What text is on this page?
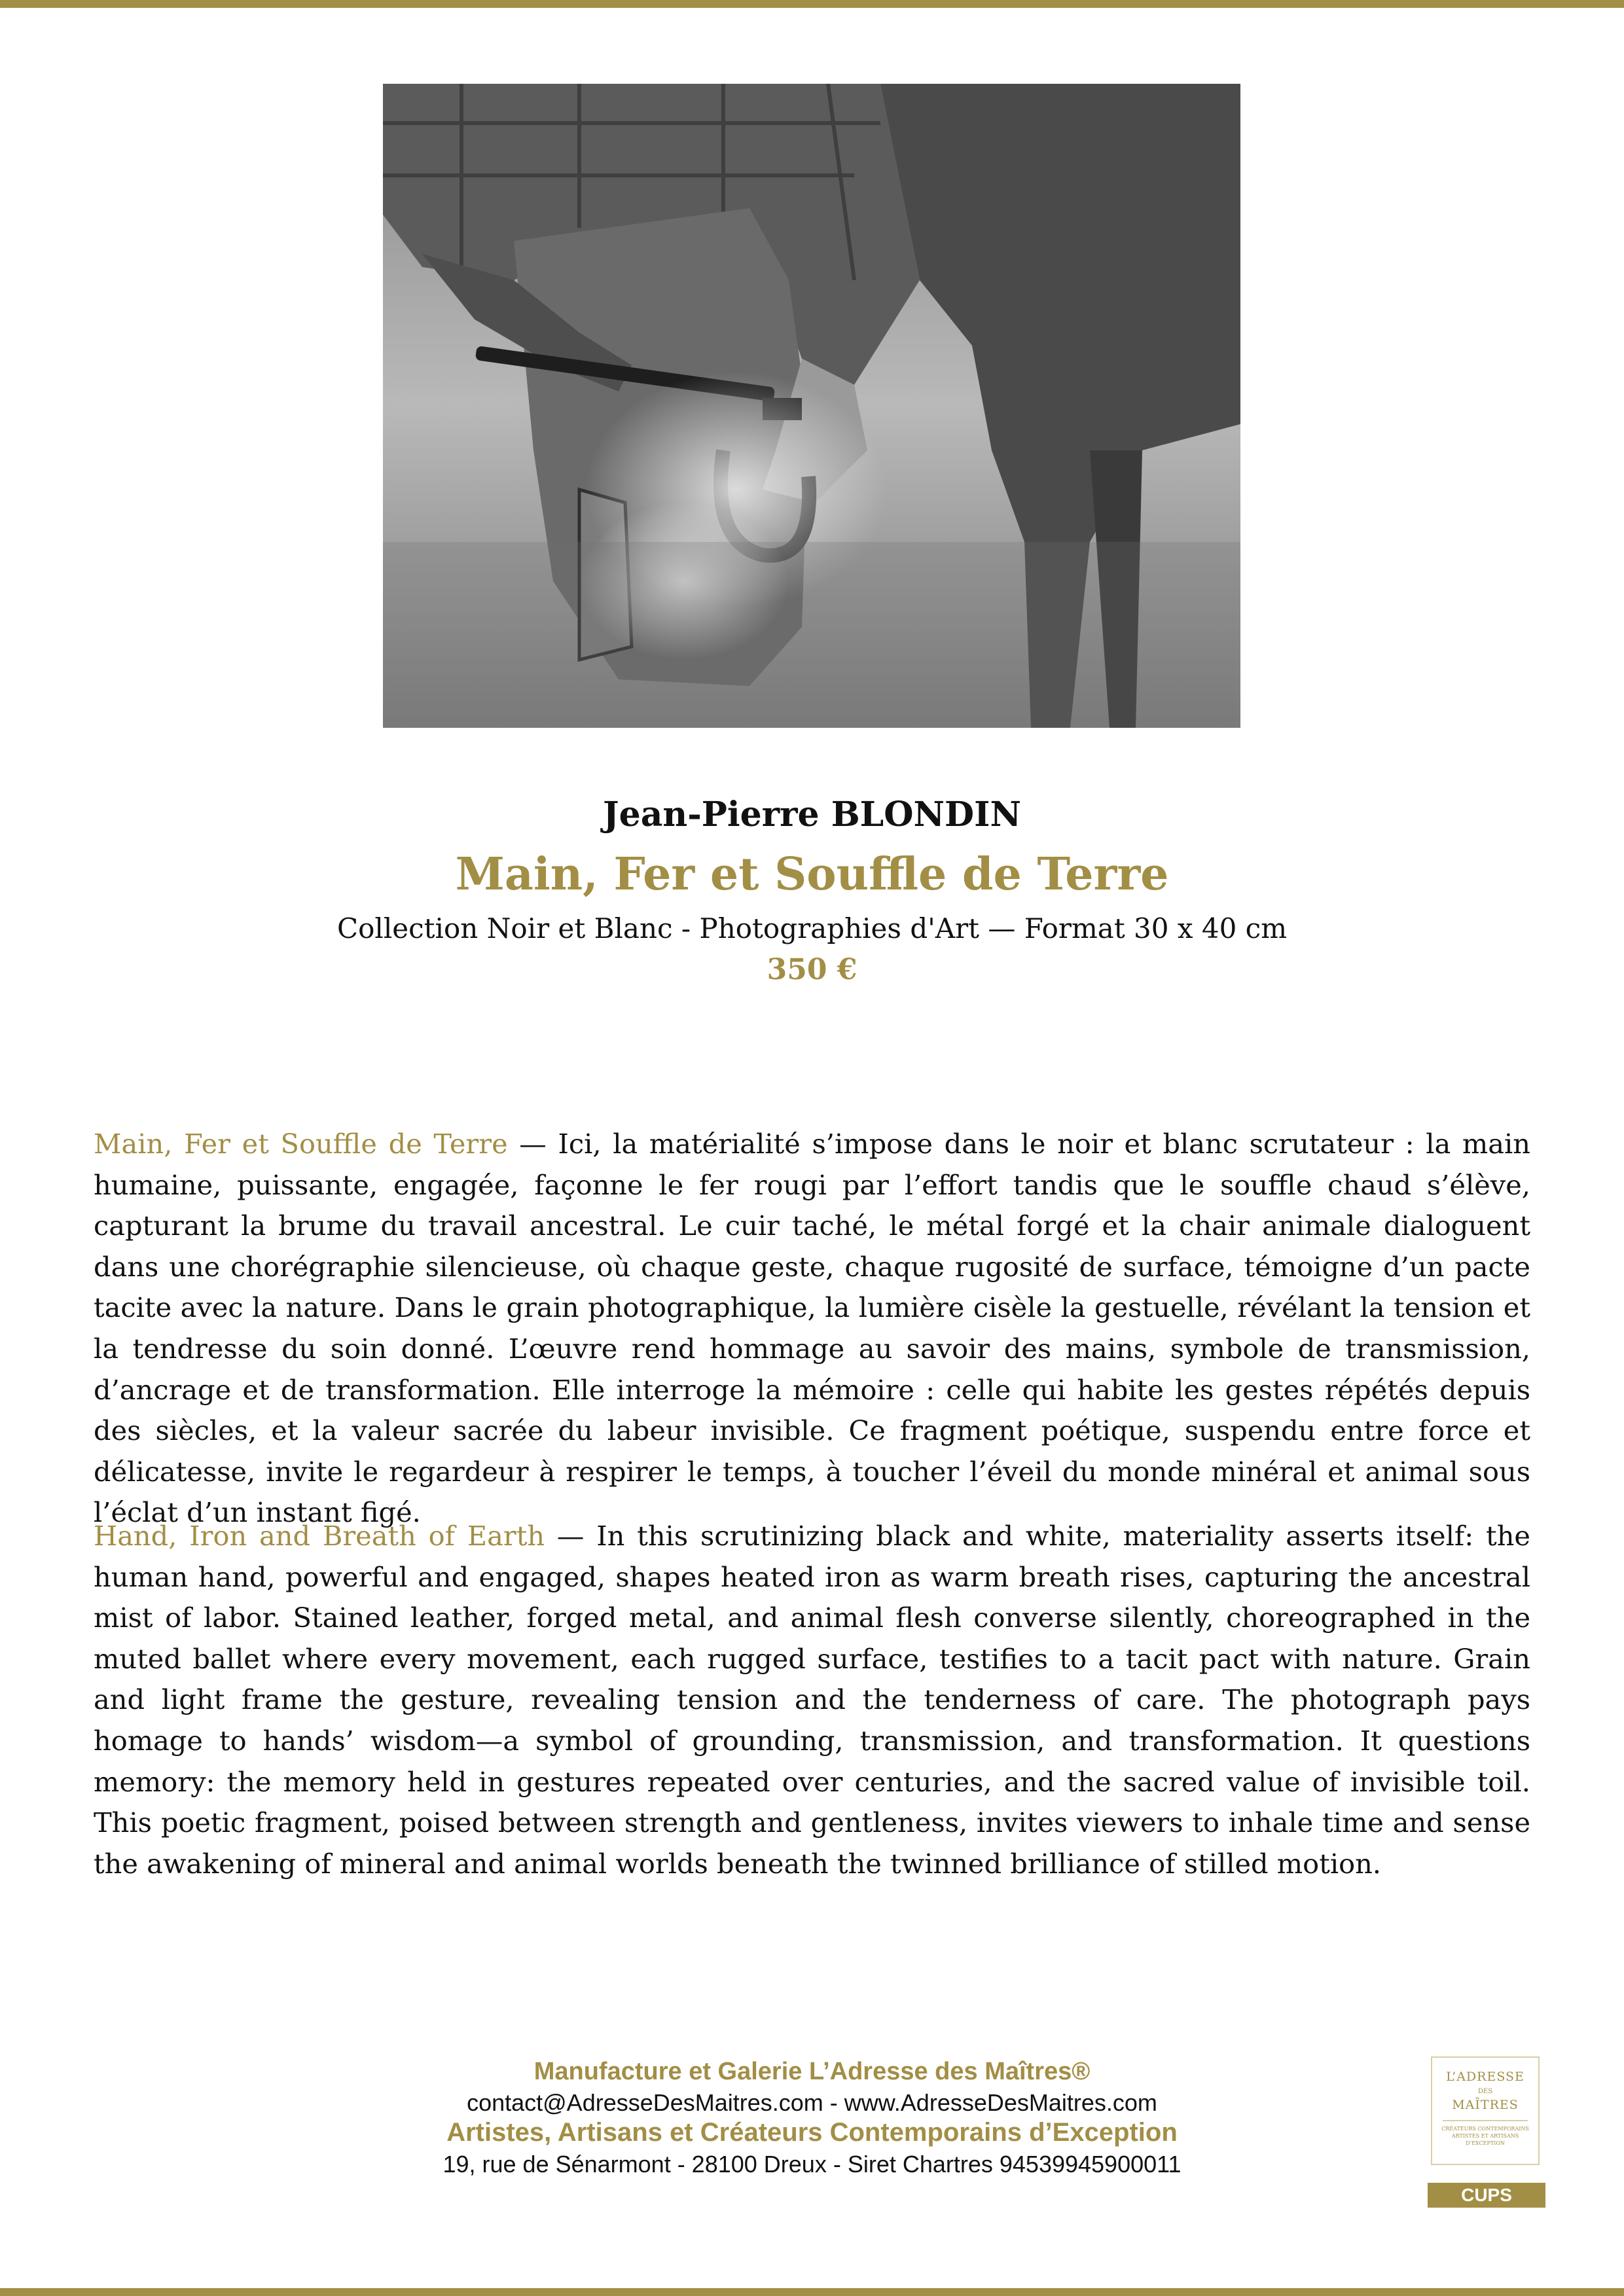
Jean-Pierre BLONDIN
Main, Fer et Souffle de Terre
Collection Noir et Blanc - Photographies d'Art — Format 30 x 40 cm
350 €
Main, Fer et Souffle de Terre — Ici, la matérialité s’impose dans le noir et blanc scrutateur : la main humaine, puissante, engagée, façonne le fer rougi par l’effort tandis que le souffle chaud s’élève, capturant la brume du travail ancestral. Le cuir taché, le métal forgé et la chair animale dialoguent dans une chorégraphie silencieuse, où chaque geste, chaque rugosité de surface, témoigne d’un pacte tacite avec la nature. Dans le grain photographique, la lumière cisèle la gestuelle, révélant la tension et la tendresse du soin donné. L’œuvre rend hommage au savoir des mains, symbole de transmission, d’ancrage et de transformation. Elle interroge la mémoire : celle qui habite les gestes répétés depuis des siècles, et la valeur sacrée du labeur invisible. Ce fragment poétique, suspendu entre force et délicatesse, invite le regardeur à respirer le temps, à toucher l’éveil du monde minéral et animal sous l’éclat d’un instant figé.
Hand, Iron and Breath of Earth — In this scrutinizing black and white, materiality asserts itself: the human hand, powerful and engaged, shapes heated iron as warm breath rises, capturing the ancestral mist of labor. Stained leather, forged metal, and animal flesh converse silently, choreographed in the muted ballet where every movement, each rugged surface, testifies to a tacit pact with nature. Grain and light frame the gesture, revealing tension and the tenderness of care. The photograph pays homage to hands’ wisdom—a symbol of grounding, transmission, and transformation. It questions memory: the memory held in gestures repeated over centuries, and the sacred value of invisible toil. This poetic fragment, poised between strength and gentleness, invites viewers to inhale time and sense the awakening of mineral and animal worlds beneath the twinned brilliance of stilled motion.
Manufacture et Galerie L’Adresse des Maîtres®
contact@AdresseDesMaitres.com - www.AdresseDesMaitres.com
Artistes, Artisans et Créateurs Contemporains d’Exception
19, rue de Sénarmont - 28100 Dreux - Siret Chartres 94539945900011
L’ADRESSE
DES
MAÎTRES
CRÉATEURS CONTEMPORAINS ARTISTES ET ARTISANS D’EXCEPTION
CUPS
